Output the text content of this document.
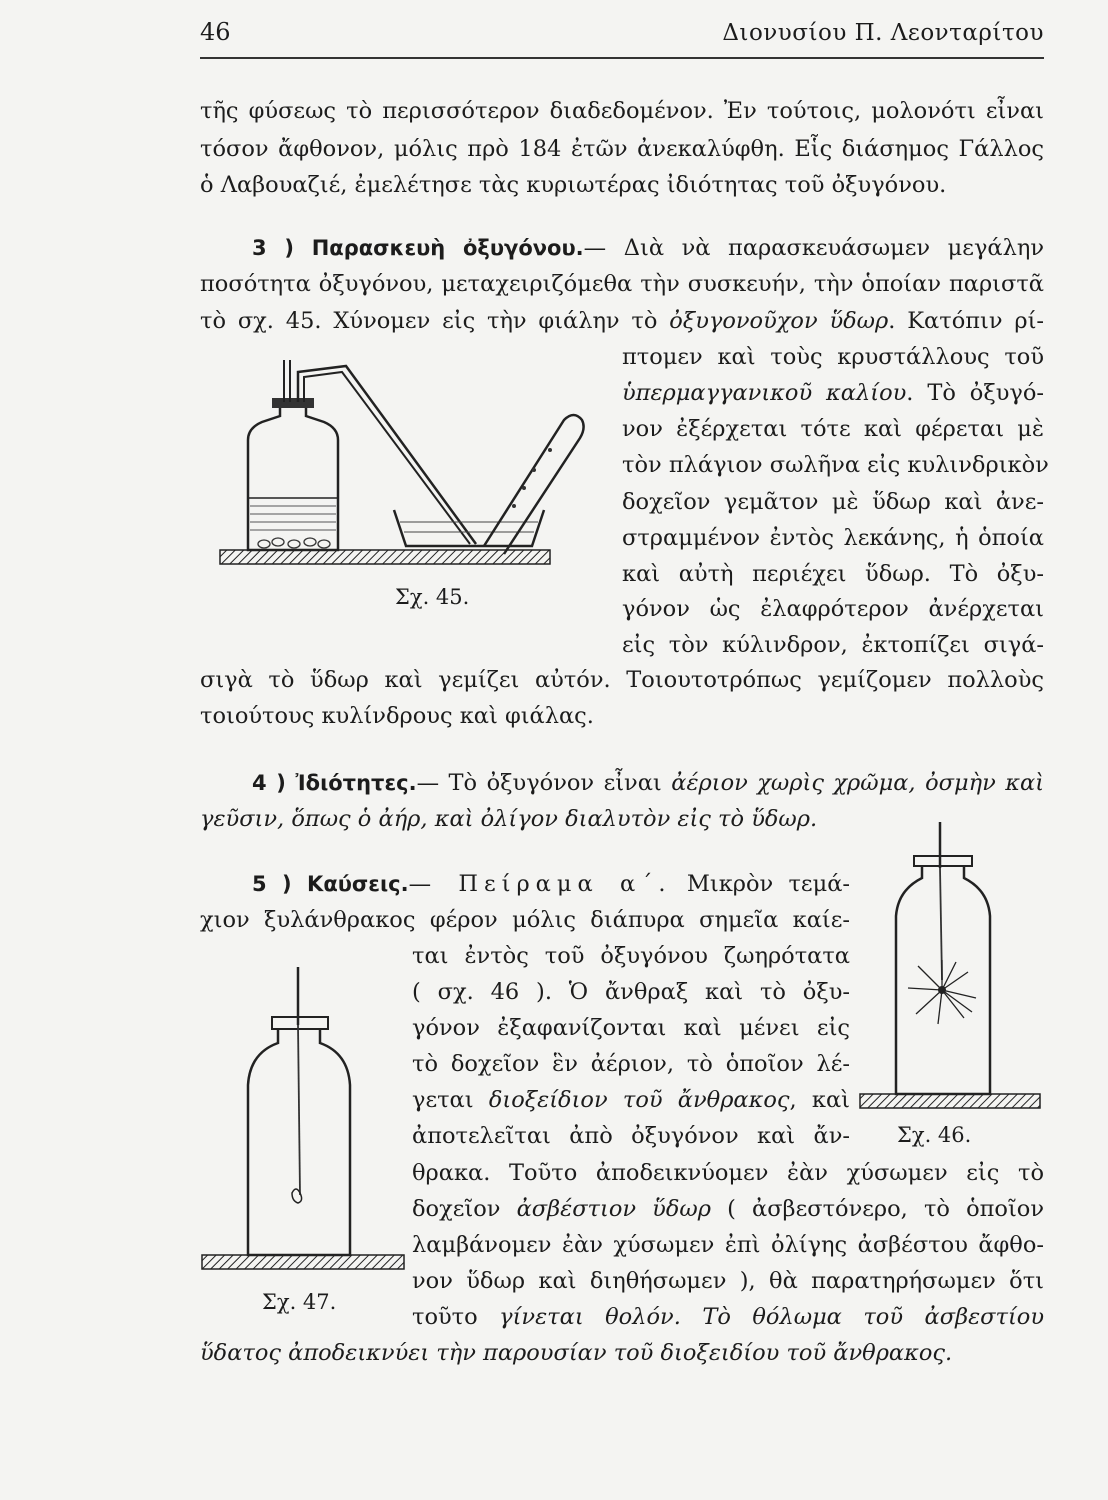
46	Διονυσίου Π. Λεονταρίτου
τῆς φύσεως τὸ περισσότερον διαδεδομένον. Ἐν τούτοις, μολονότι εἶναι
τόσον ἄφθονον, μόλις πρὸ 184 ἐτῶν ἀνεκαλύφθη. Εἷς διάσημος Γάλλος
ὁ Λαβουαζιέ, ἐμελέτησε τὰς κυριωτέρας ἰδιότητας τοῦ ὀξυγόνου.
3 ) Παρασκευὴ ὀξυγόνου.— Διὰ νὰ παρασκευάσωμεν μεγάλην
ποσότητα ὀξυγόνου, μεταχειριζόμεθα τὴν συσκευήν, τὴν ὁποίαν παριστᾶ
τὸ σχ. 45. Χύνομεν εἰς τὴν φιάλην τὸ ὀξυγονοῦχον ὕδωρ. Κατόπιν ρί-
πτομεν καὶ τοὺς κρυστάλλους τοῦ
ὑπερμαγγανικοῦ καλίου. Τὸ ὀξυγό-
νον ἐξέρχεται τότε καὶ φέρεται μὲ
τὸν πλάγιον σωλῆνα εἰς κυλινδρικὸν
δοχεῖον γεμᾶτον μὲ ὕδωρ καὶ ἀνε-
στραμμένον ἐντὸς λεκάνης, ἡ ὁποία
καὶ αὐτὴ περιέχει ὕδωρ. Τὸ ὀξυ-
γόνον ὡς ἐλαφρότερον ἀνέρχεται
εἰς τὸν κύλινδρον, ἐκτοπίζει σιγά-
σιγὰ τὸ ὕδωρ καὶ γεμίζει αὐτόν. Τοιουτοτρόπως γεμίζομεν πολλοὺς
τοιούτους κυλίνδρους καὶ φιάλας.
Σχ. 45.
4 ) Ἰδιότητες.— Τὸ ὀξυγόνον εἶναι ἀέριον χωρὶς χρῶμα, ὀσμὴν καὶ
γεῦσιν, ὅπως ὁ ἀήρ, καὶ ὀλίγον διαλυτὸν εἰς τὸ ὕδωρ.
5 ) Καύσεις.— Πείραμα α΄. Μικρὸν τεμά-
χιον ξυλάνθρακος φέρον μόλις διάπυρα σημεῖα καίε-
ται ἐντὸς τοῦ ὀξυγόνου ζωηρότατα
( σχ. 46 ). Ὁ ἄνθραξ καὶ τὸ ὀξυ-
γόνον ἐξαφανίζονται καὶ μένει εἰς
τὸ δοχεῖον ἓν ἀέριον, τὸ ὁποῖον λέ-
γεται διοξείδιον τοῦ ἄνθρακος, καὶ
ἀποτελεῖται ἀπὸ ὀξυγόνον καὶ ἄν-
θρακα. Τοῦτο ἀποδεικνύομεν ἐὰν χύσωμεν εἰς τὸ
δοχεῖον ἀσβέστιον ὕδωρ ( ἀσβεστόνερο, τὸ ὁποῖον
λαμβάνομεν ἐὰν χύσωμεν ἐπὶ ὀλίγης ἀσβέστου ἄφθο-
νον ὕδωρ καὶ διηθήσωμεν ), θὰ παρατηρήσωμεν ὅτι
τοῦτο γίνεται θολόν. Τὸ θόλωμα τοῦ ἀσβεστίου
ὕδατος ἀποδεικνύει τὴν παρουσίαν τοῦ διοξειδίου τοῦ ἄνθρακος.
Σχ. 46.
Σχ. 47.
